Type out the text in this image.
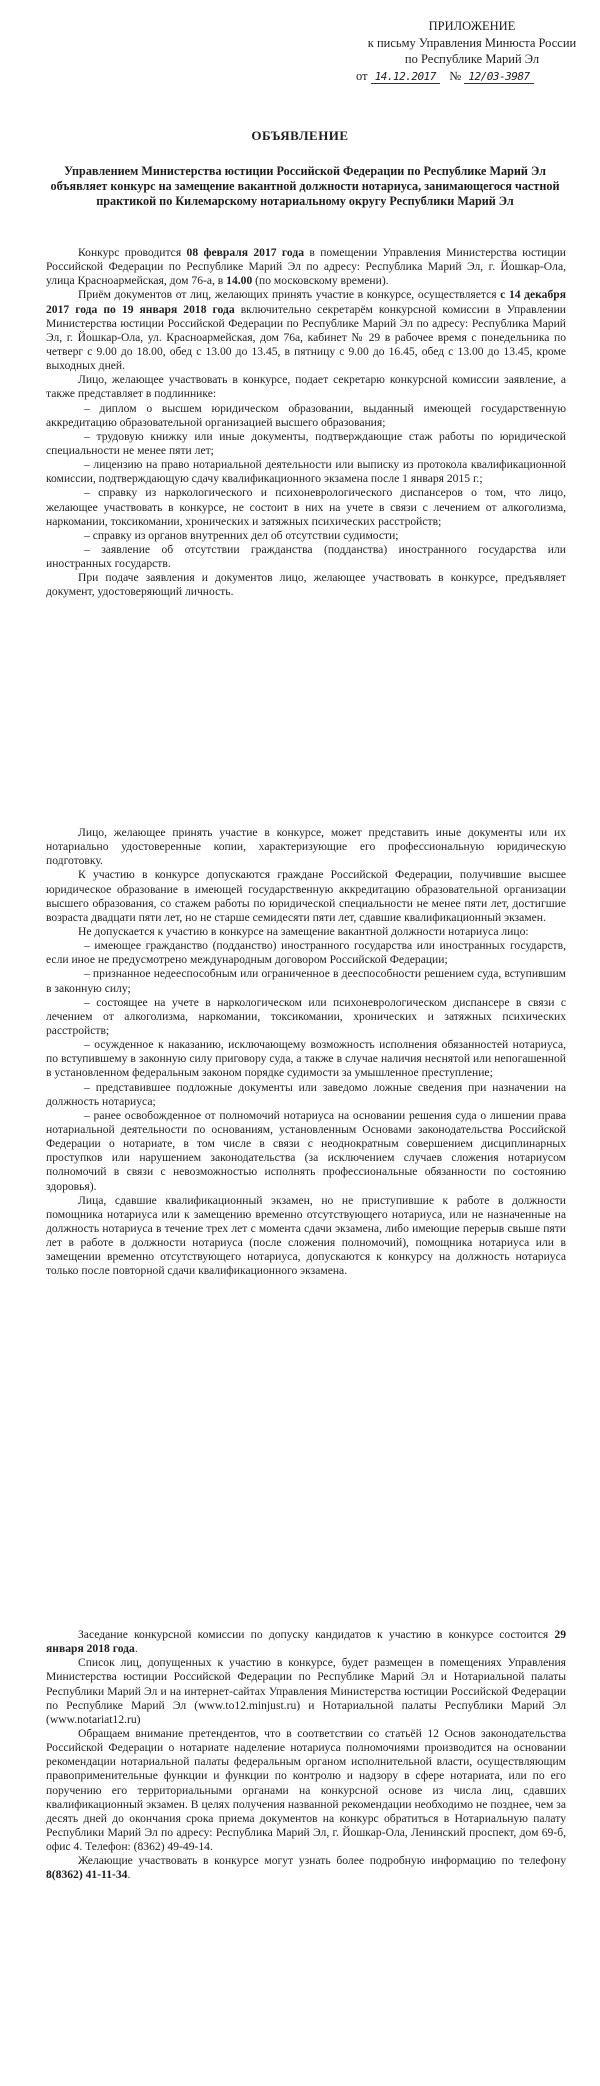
ПРИЛОЖЕНИЕ
к письму Управления Минюста России
по Республике Марий Эл
от 14.12.2017 № 12/03-3987
ОБЪЯВЛЕНИЕ
Управлением Министерства юстиции Российской Федерации по Республике Марий Эл объявляет конкурс на замещение вакантной должности нотариуса, занимающегося частной практикой по Килемарскому нотариальному округу Республики Марий Эл

Конкурс проводится 08 февраля 2017 года в помещении Управления Министерства юстиции Российской Федерации по Республике Марий Эл по адресу: Республика Марий Эл, г. Йошкар-Ола, улица Красноармейская, дом 76-а, в 14.00 (по московскому времени).

Приём документов от лиц, желающих принять участие в конкурсе, осуществляется с 14 декабря 2017 года по 19 января 2018 года включительно секретарём конкурсной комиссии в Управлении Министерства юстиции Российской Федерации по Республике Марий Эл по адресу: Республика Марий Эл, г. Йошкар-Ола, ул. Красноармейская, дом 76а, кабинет № 29 в рабочее время с понедельника по четверг с 9.00 до 18.00, обед с 13.00 до 13.45, в пятницу с 9.00 до 16.45, обед с 13.00 до 13.45, кроме выходных дней.

Лицо, желающее участвовать в конкурсе, подает секретарю конкурсной комиссии заявление, а также представляет в подлиннике:

– диплом о высшем юридическом образовании, выданный имеющей государственную аккредитацию образовательной организацией высшего образования;

– трудовую книжку или иные документы, подтверждающие стаж работы по юридической специальности не менее пяти лет;

– лицензию на право нотариальной деятельности или выписку из протокола квалификационной комиссии, подтверждающую сдачу квалификационного экзамена после 1 января 2015 г.;

– справку из наркологического и психоневрологического диспансеров о том, что лицо, желающее участвовать в конкурсе, не состоит в них на учете в связи с лечением от алкоголизма, наркомании, токсикомании, хронических и затяжных психических расстройств;

– справку из органов внутренних дел об отсутствии судимости;

– заявление об отсутствии гражданства (подданства) иностранного государства или иностранных государств.

При подаче заявления и документов лицо, желающее участвовать в конкурсе, предъявляет документ, удостоверяющий личность.

Лицо, желающее принять участие в конкурсе, может представить иные документы или их нотариально удостоверенные копии, характеризующие его профессиональную юридическую подготовку.

К участию в конкурсе допускаются граждане Российской Федерации, получившие высшее юридическое образование в имеющей государственную аккредитацию образовательной организации высшего образования, со стажем работы по юридической специальности не менее пяти лет, достигшие возраста двадцати пяти лет, но не старше семидесяти пяти лет, сдавшие квалификационный экзамен.

Не допускается к участию в конкурсе на замещение вакантной должности нотариуса лицо:

– имеющее гражданство (подданство) иностранного государства или иностранных государств, если иное не предусмотрено международным договором Российской Федерации;

– признанное недееспособным или ограниченное в дееспособности решением суда, вступившим в законную силу;

– состоящее на учете в наркологическом или психоневрологическом диспансере в связи с лечением от алкоголизма, наркомании, токсикомании, хронических и затяжных психических расстройств;

– осужденное к наказанию, исключающему возможность исполнения обязанностей нотариуса, по вступившему в законную силу приговору суда, а также в случае наличия неснятой или непогашенной в установленном федеральным законом порядке судимости за умышленное преступление;

– представившее подложные документы или заведомо ложные сведения при назначении на должность нотариуса;

– ранее освобожденное от полномочий нотариуса на основании решения суда о лишении права нотариальной деятельности по основаниям, установленным Основами законодательства Российской Федерации о нотариате, в том числе в связи с неоднократным совершением дисциплинарных проступков или нарушением законодательства (за исключением случаев сложения нотариусом полномочий в связи с невозможностью исполнять профессиональные обязанности по состоянию здоровья).

Лица, сдавшие квалификационный экзамен, но не приступившие к работе в должности помощника нотариуса или к замещению временно отсутствующего нотариуса, или не назначенные на должность нотариуса в течение трех лет с момента сдачи экзамена, либо имеющие перерыв свыше пяти лет в работе в должности нотариуса (после сложения полномочий), помощника нотариуса или в замещении временно отсутствующего нотариуса, допускаются к конкурсу на должность нотариуса только после повторной сдачи квалификационного экзамена.

Заседание конкурсной комиссии по допуску кандидатов к участию в конкурсе состоится 29 января 2018 года.

Список лиц, допущенных к участию в конкурсе, будет размещен в помещениях Управления Министерства юстиции Российской Федерации по Республике Марий Эл и Нотариальной палаты Республики Марий Эл и на интернет-сайтах Управления Министерства юстиции Российской Федерации по Республике Марий Эл (www.to12.minjust.ru) и Нотариальной палаты Республики Марий Эл (www.notariat12.ru)

Обращаем внимание претендентов, что в соответствии со статьёй 12 Основ законодательства Российской Федерации о нотариате наделение нотариуса полномочиями производится на основании рекомендации нотариальной палаты федеральным органом исполнительной власти, осуществляющим правоприменительные функции и функции по контролю и надзору в сфере нотариата, или по его поручению его территориальными органами на конкурсной основе из числа лиц, сдавших квалификационный экзамен. В целях получения названной рекомендации необходимо не позднее, чем за десять дней до окончания срока приема документов на конкурс обратиться в Нотариальную палату Республики Марий Эл по адресу: Республика Марий Эл, г. Йошкар-Ола, Ленинский проспект, дом 69-б, офис 4. Телефон: (8362) 49-49-14.

Желающие участвовать в конкурсе могут узнать более подробную информацию по телефону 8(8362) 41-11-34.
